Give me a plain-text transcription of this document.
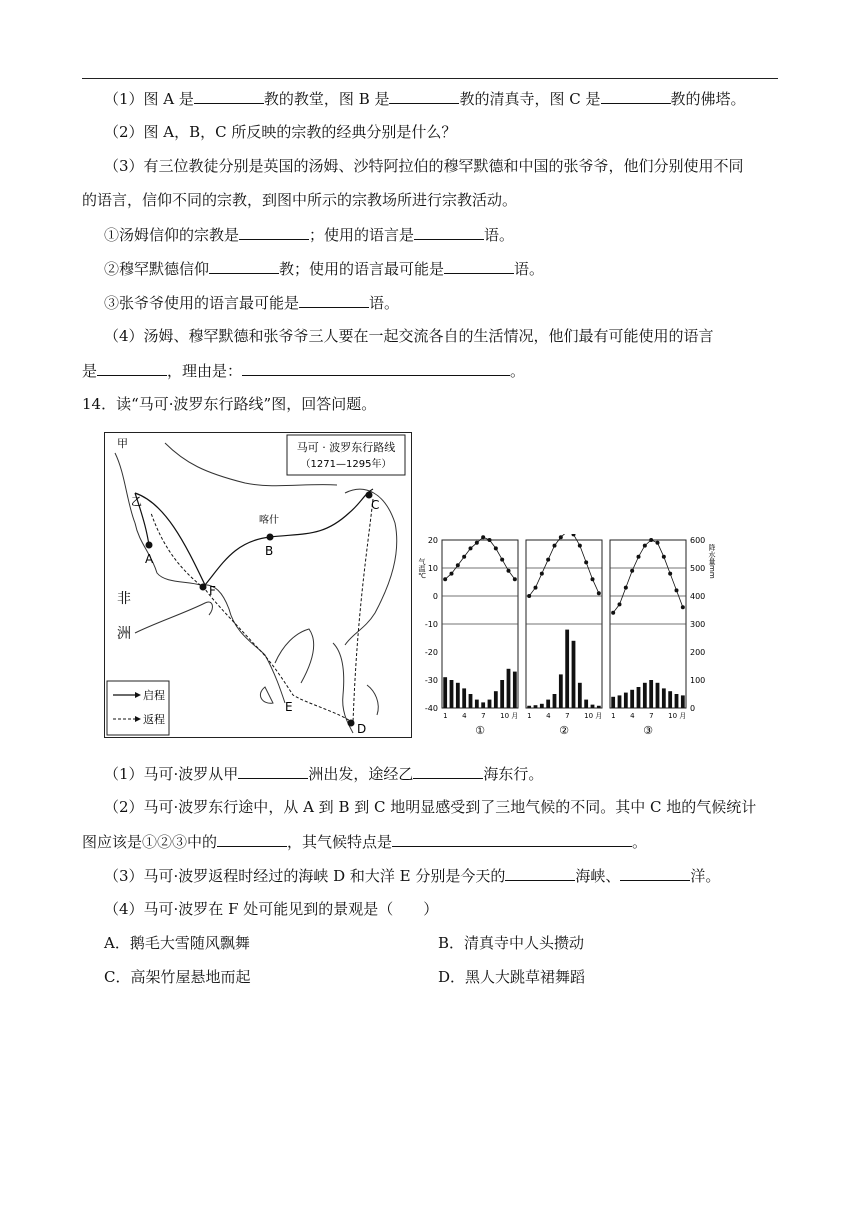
（1）图 A 是	教的教堂，图 B 是	教的清真寺，图 C 是	教的佛塔。
（2）图 A，B，C 所反映的宗教的经典分别是什么？
（3）有三位教徒分别是英国的汤姆、沙特阿拉伯的穆罕默德和中国的张爷爷，他们分别使用不同
的语言，信仰不同的宗教，到图中所示的宗教场所进行宗教活动。
①汤姆信仰的宗教是	；使用的语言是	语。
②穆罕默德信仰	教；使用的语言最可能是	语。
③张爷爷使用的语言最可能是	语。
（4）汤姆、穆罕默德和张爷爷三人要在一起交流各自的生活情况，他们最有可能使用的语言
是	，理由是：	。
14．读“马可·波罗东行路线”图，回答问题。
A
B
C
D
E
F
喀什
甲
乙
非
洲
马可 · 波罗东行路线
（1271—1295年）
启程
返程
20
10
0
-10
-20
-30
-40
气温℃
600
500
400
300
200
100
0
降水量mm
1 4 7 10 月
①
1 4 7 10 月
②
1 4 7 10 月
③
（1）马可·波罗从甲	洲出发，途经乙	海东行。
（2）马可·波罗东行途中，从 A 到 B 到 C 地明显感受到了三地气候的不同。其中 C 地的气候统计
图应该是①②③中的	，其气候特点是	。
（3）马可·波罗返程时经过的海峡 D 和大洋 E 分别是今天的	海峡、	洋。
（4）马可·波罗在 F 处可能见到的景观是（　　）
A．鹅毛大雪随风飘舞	B．清真寺中人头攒动
C．高架竹屋悬地而起	D．黑人大跳草裙舞蹈
